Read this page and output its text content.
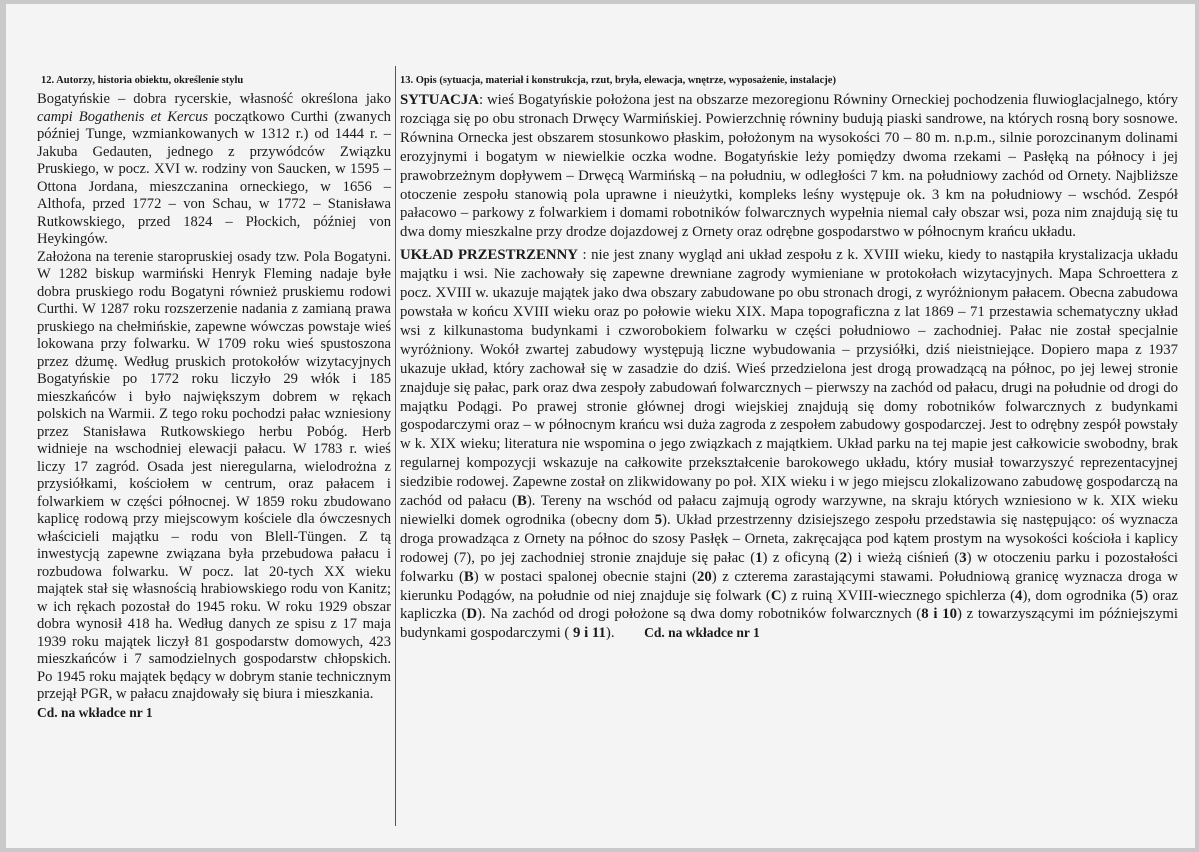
12. Autorzy, historia obiektu, określenie stylu

Bogatyńskie – dobra rycerskie, własność określona jako campi Bogathenis et Kercus początkowo Curthi (zwanych później Tunge, wzmiankowanych w 1312 r.) od 1444 r. – Jakuba Gedauten, jednego z przywódców Związku Pruskiego, w pocz. XVI w. rodziny von Saucken, w 1595 – Ottona Jordana, mieszczanina orneckiego, w 1656 – Althofa, przed 1772 – von Schau, w 1772 – Stanisława Rutkowskiego, przed 1824 – Płockich, później von Heykingów.

Założona na terenie staropruskiej osady tzw. Pola Bogatyni. W 1282 biskup warmiński Henryk Fleming nadaje byłe dobra pruskiego rodu Bogatyni również pruskiemu rodowi Curthi. W 1287 roku rozszerzenie nadania z zamianą prawa pruskiego na chełmińskie, zapewne wówczas powstaje wieś lokowana przy folwarku. W 1709 roku wieś spustoszona przez dżumę. Według pruskich protokołów wizytacyjnych Bogatyńskie po 1772 roku liczyło 29 włók i 185 mieszkańców i było największym dobrem w rękach polskich na Warmii. Z tego roku pochodzi pałac wzniesiony przez Stanisława Rutkowskiego herbu Pobóg. Herb widnieje na wschodniej elewacji pałacu. W 1783 r. wieś liczy 17 zagród. Osada jest nieregularna, wielodrożna z przysiółkami, kościołem w centrum, oraz pałacem i folwarkiem w części północnej. W 1859 roku zbudowano kaplicę rodową przy miejscowym kościele dla ówczesnych właścicieli majątku – rodu von Blell-Tüngen. Z tą inwestycją zapewne związana była przebudowa pałacu i rozbudowa folwarku. W pocz. lat 20-tych XX wieku majątek stał się własnością hrabiowskiego rodu von Kanitz; w ich rękach pozostał do 1945 roku. W roku 1929 obszar dobra wynosił 418 ha. Według danych ze spisu z 17 maja 1939 roku majątek liczył 81 gospodarstw domowych, 423 mieszkańców i 7 samodzielnych gospodarstw chłopskich. Po 1945 roku majątek będący w dobrym stanie technicznym przejął PGR, w pałacu znajdowały się biura i mieszkania.

Cd. na wkładce nr 1

13. Opis (sytuacja, materiał i konstrukcja, rzut, bryła, elewacja, wnętrze, wyposażenie, instalacje)

SYTUACJA: wieś Bogatyńskie położona jest na obszarze mezoregionu Równiny Orneckiej pochodzenia fluwioglacjalnego, który rozciąga się po obu stronach Drwęcy Warmińskiej. Powierzchnię równiny budują piaski sandrowe, na których rosną bory sosnowe. Równina Ornecka jest obszarem stosunkowo płaskim, położonym na wysokości 70 – 80 m. n.p.m., silnie porozcinanym dolinami erozyjnymi i bogatym w niewielkie oczka wodne. Bogatyńskie leży pomiędzy dwoma rzekami – Pasłęką na północy i jej prawobrzeżnym dopływem – Drwęcą Warmińską – na południu, w odległości 7 km. na południowy zachód od Ornety. Najbliższe otoczenie zespołu stanowią pola uprawne i nieużytki, kompleks leśny występuje ok. 3 km na południowy – wschód. Zespół pałacowo – parkowy z folwarkiem i domami robotników folwarcznych wypełnia niemal cały obszar wsi, poza nim znajdują się tu dwa domy mieszkalne przy drodze dojazdowej z Ornety oraz odrębne gospodarstwo w północnym krańcu układu.

UKŁAD PRZESTRZENNY : nie jest znany wygląd ani układ zespołu z k. XVIII wieku, kiedy to nastąpiła krystalizacja układu majątku i wsi. Nie zachowały się zapewne drewniane zagrody wymieniane w protokołach wizytacyjnych. Mapa Schroettera z pocz. XVIII w. ukazuje majątek jako dwa obszary zabudowane po obu stronach drogi, z wyróżnionym pałacem. Obecna zabudowa powstała w końcu XVIII wieku oraz po połowie wieku XIX. Mapa topograficzna z lat 1869 – 71 przestawia schematyczny układ wsi z kilkunastoma budynkami i czworobokiem folwarku w części południowo – zachodniej. Pałac nie został specjalnie wyróżniony. Wokół zwartej zabudowy występują liczne wybudowania – przysiółki, dziś nieistniejące. Dopiero mapa z 1937 ukazuje układ, który zachował się w zasadzie do dziś. Wieś przedzielona jest drogą prowadzącą na północ, po jej lewej stronie znajduje się pałac, park oraz dwa zespoły zabudowań folwarcznych – pierwszy na zachód od pałacu, drugi na południe od drogi do majątku Podągi. Po prawej stronie głównej drogi wiejskiej znajdują się domy robotników folwarcznych z budynkami gospodarczymi oraz – w północnym krańcu wsi duża zagroda z zespołem zabudowy gospodarczej. Jest to odrębny zespół powstały w k. XIX wieku; literatura nie wspomina o jego związkach z majątkiem. Układ parku na tej mapie jest całkowicie swobodny, brak regularnej kompozycji wskazuje na całkowite przekształcenie barokowego układu, który musiał towarzyszyć reprezentacyjnej siedzibie rodowej. Zapewne został on zlikwidowany po poł. XIX wieku i w jego miejscu zlokalizowano zabudowę gospodarczą na zachód od pałacu (B). Tereny na wschód od pałacu zajmują ogrody warzywne, na skraju których wzniesiono w k. XIX wieku niewielki domek ogrodnika (obecny dom 5). Układ przestrzenny dzisiejszego zespołu przedstawia się następująco: oś wyznacza droga prowadząca z Ornety na północ do szosy Pasłęk – Orneta, zakręcająca pod kątem prostym na wysokości kościoła i kaplicy rodowej (7), po jej zachodniej stronie znajduje się pałac (1) z oficyną (2) i wieżą ciśnień (3) w otoczeniu parku i pozostałości folwarku (B) w postaci spalonej obecnie stajni (20) z czterema zarastającymi stawami. Południową granicę wyznacza droga w kierunku Podągów, na południe od niej znajduje się folwark (C) z ruiną XVIII-wiecznego spichlerza (4), dom ogrodnika (5) oraz kapliczka (D). Na zachód od drogi położone są dwa domy robotników folwarcznych (8 i 10) z towarzyszącymi im późniejszymi budynkami gospodarczymi ( 9 i 11). Cd. na wkładce nr 1
